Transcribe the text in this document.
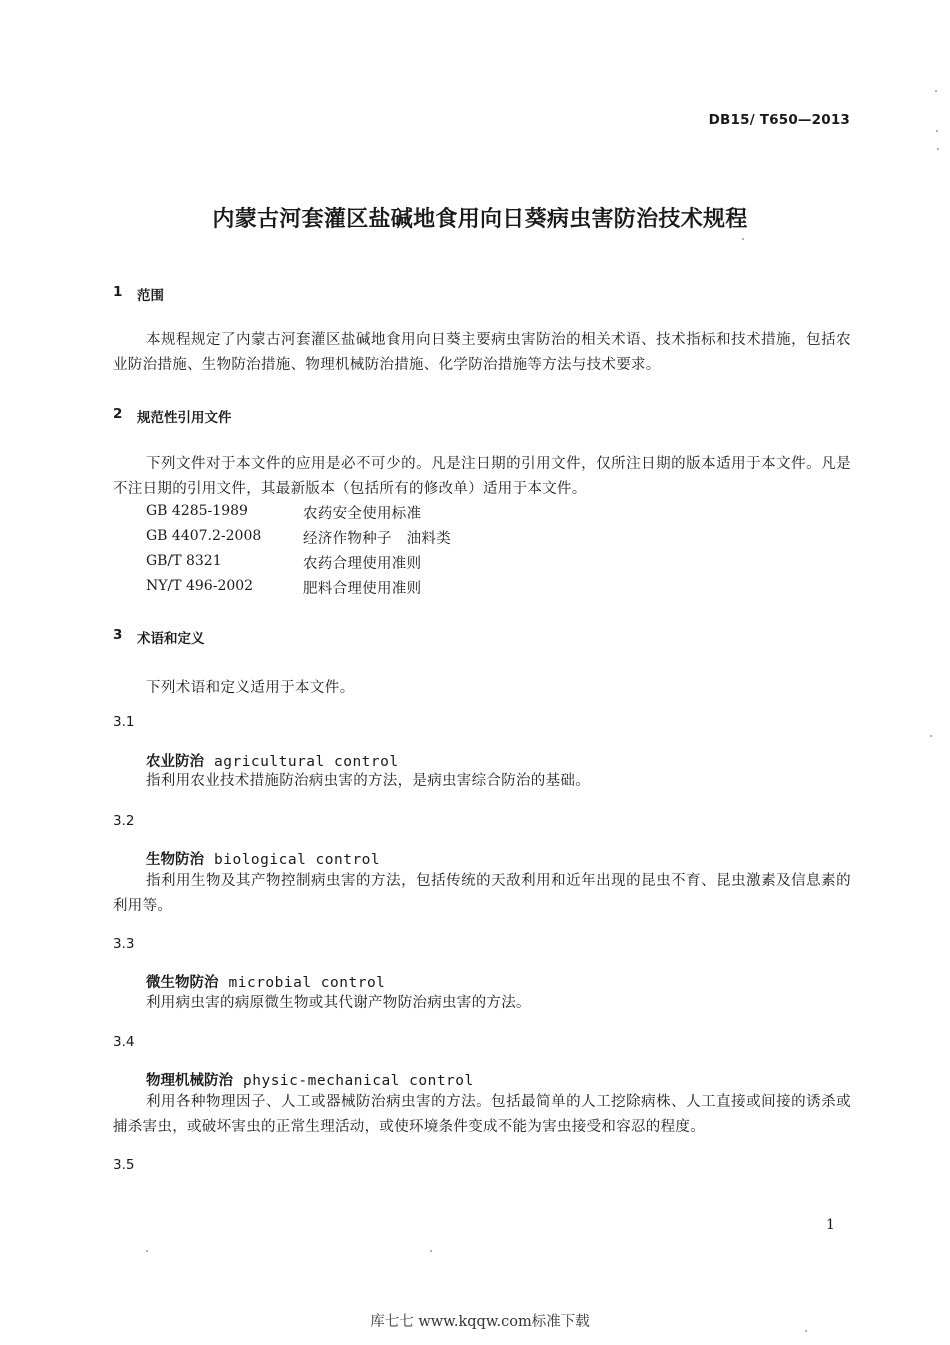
DB15/ T650—2013
内蒙古河套灌区盐碱地食用向日葵病虫害防治技术规程
1 范围
本规程规定了内蒙古河套灌区盐碱地食用向日葵主要病虫害防治的相关术语、技术指标和技术措施，包括农业防治措施、生物防治措施、物理机械防治措施、化学防治措施等方法与技术要求。
2 规范性引用文件
下列文件对于本文件的应用是必不可少的。凡是注日期的引用文件，仅所注日期的版本适用于本文件。凡是不注日期的引用文件，其最新版本（包括所有的修改单）适用于本文件。
GB 4285-1989	农药安全使用标准
GB 4407.2-2008	经济作物种子　油料类
GB/T 8321	农药合理使用准则
NY/T 496-2002	肥料合理使用准则
3 术语和定义
下列术语和定义适用于本文件。
3.1
农业防治 agricultural control
指利用农业技术措施防治病虫害的方法，是病虫害综合防治的基础。
3.2
生物防治 biological control
指利用生物及其产物控制病虫害的方法，包括传统的天敌利用和近年出现的昆虫不育、昆虫激素及信息素的利用等。
3.3
微生物防治 microbial control
利用病虫害的病原微生物或其代谢产物防治病虫害的方法。
3.4
物理机械防治 physic-mechanical control
利用各种物理因子、人工或器械防治病虫害的方法。包括最简单的人工挖除病株、人工直接或间接的诱杀或捕杀害虫，或破坏害虫的正常生理活动，或使环境条件变成不能为害虫接受和容忍的程度。
3.5
1
库七七 www.kqqw.com标准下载
